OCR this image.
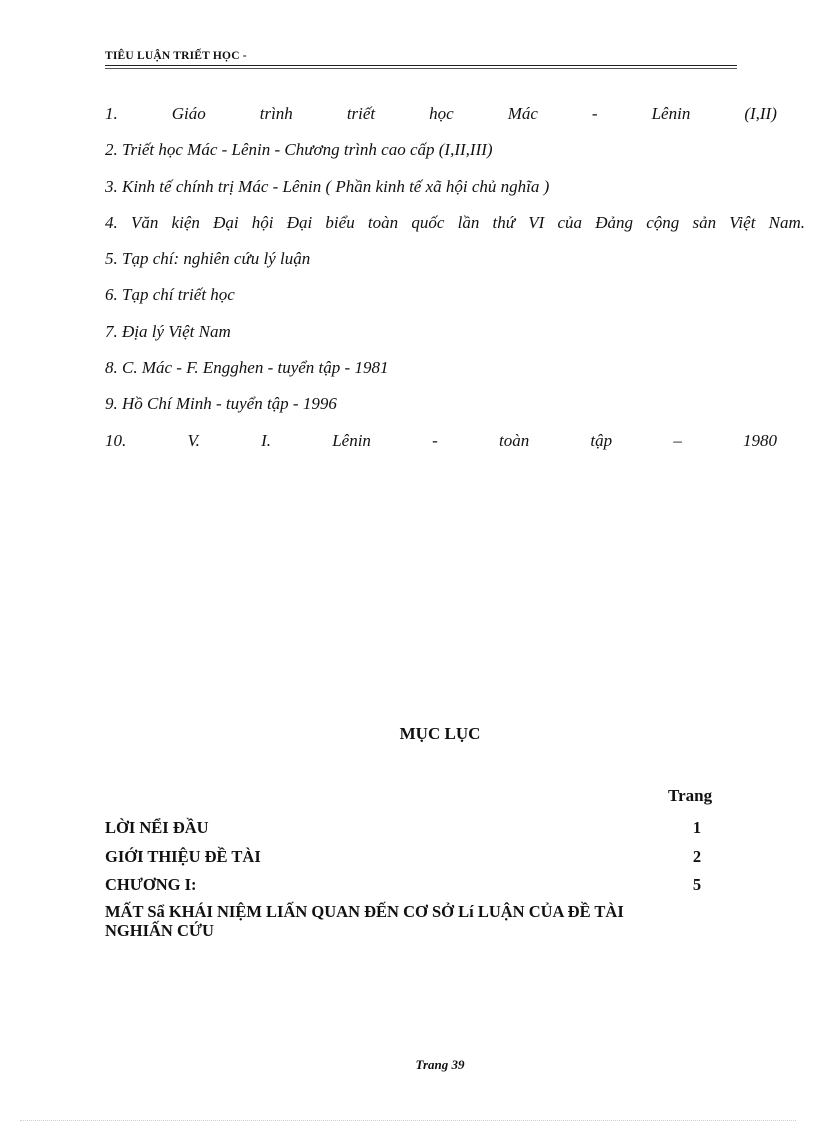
TIÊU LUẬN TRIẾT HỌC -
1.	Giáo	trình	triết	học	Mác	-	Lênin	(I,II)
2. Triết học Mác - Lênin - Chương trình cao cấp (I,II,III)
3. Kinh tế chính trị Mác - Lênin ( Phần kinh tế xã hội chủ nghĩa )
4. Văn kiện Đại hội Đại biểu toàn quốc lần thứ VI của Đảng cộng sản Việt Nam.
5. Tạp chí: nghiên cứu lý luận
6. Tạp chí triết học
7. Địa lý Việt Nam
8. C. Mác - F. Engghen - tuyển tập - 1981
9. Hồ Chí Minh - tuyển tập - 1996
10.	V.	I.	Lênin	-	toàn	tập	–	1980
MỤC LỤC
Trang
LỜI NỂI ĐẦU	1
GIỚI THIỆU ĐỀ TÀI	2
CHƯƠNG I:	5
MẤT Sẩ KHÁI NIỆM LIẤN QUAN ĐẾN CƠ SỞ Lí LUẬN CỦA ĐỀ TÀI NGHIẤN CỨU
Trang 39
